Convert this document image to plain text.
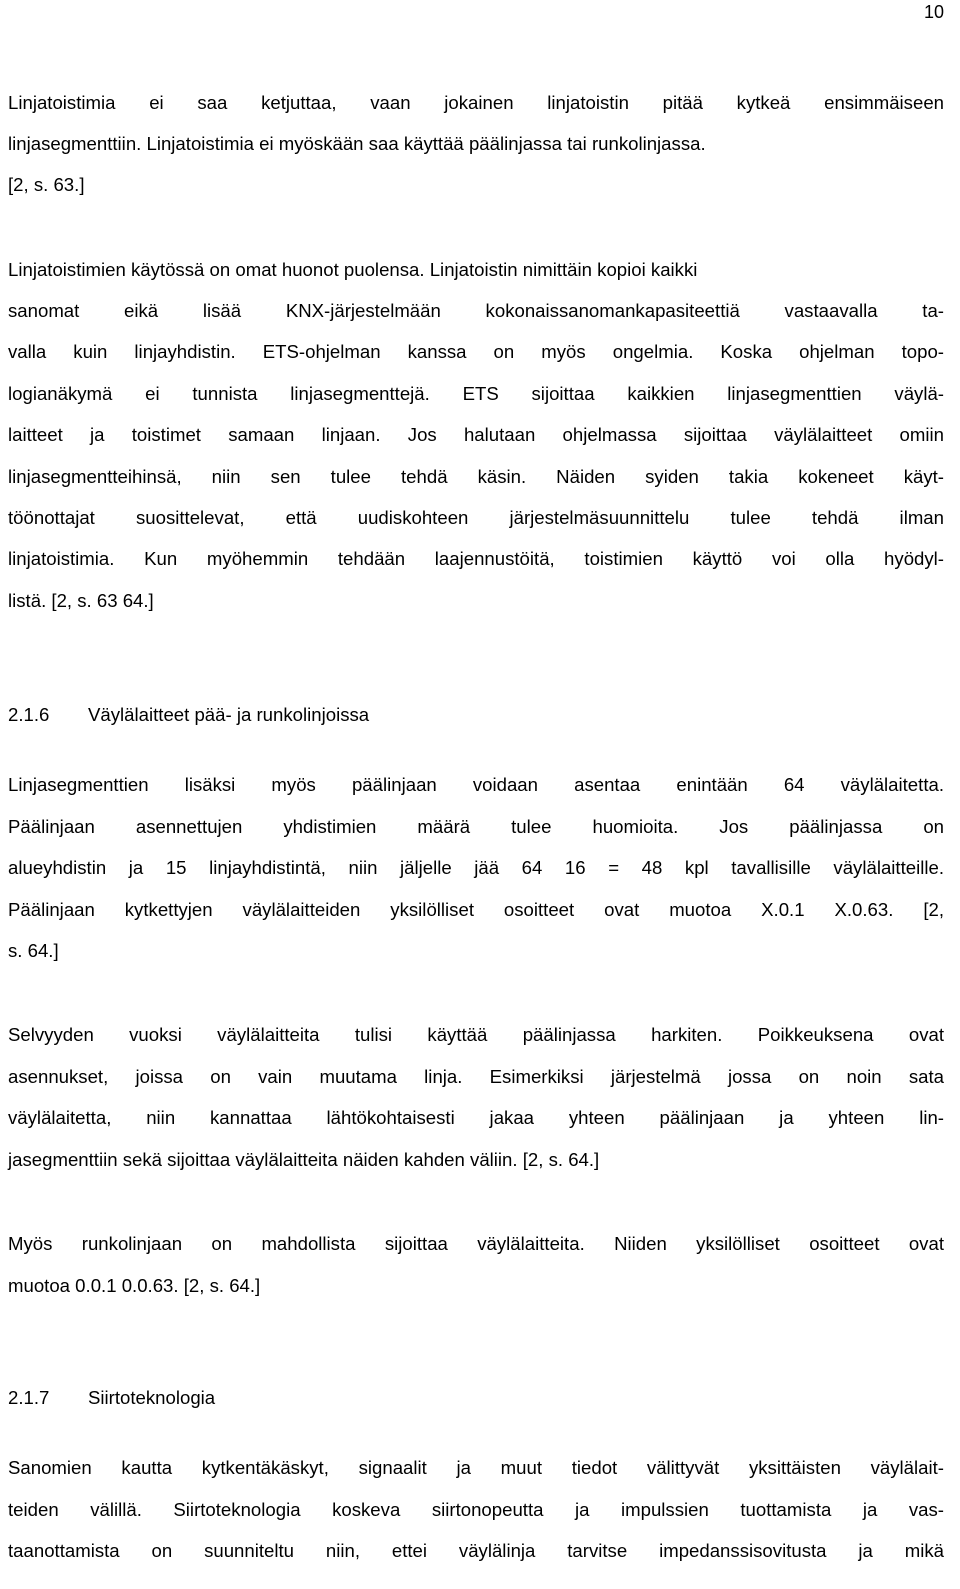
10
Linjatoistimia ei saa ketjuttaa, vaan jokainen linjatoistin pitää kytkeä ensimmäiseen
linjasegmenttiin. Linjatoistimia ei myöskään saa käyttää päälinjassa tai runkolinjassa.
[2, s. 63.]
Linjatoistimien käytössä on omat huonot puolensa. Linjatoistin nimittäin kopioi kaikki
sanomat eikä lisää KNX-järjestelmään kokonaissanomankapasiteettiä vastaavalla ta-
valla kuin linjayhdistin. ETS-ohjelman kanssa on myös ongelmia. Koska ohjelman topo-
logianäkymä ei tunnista linjasegmenttejä. ETS sijoittaa kaikkien linjasegmenttien väylä-
laitteet ja toistimet samaan linjaan. Jos halutaan ohjelmassa sijoittaa väylälaitteet omiin
linjasegmentteihinsä, niin sen tulee tehdä käsin. Näiden syiden takia kokeneet käyt-
töönottajat suosittelevat, että uudiskohteen järjestelmäsuunnittelu tulee tehdä ilman
linjatoistimia. Kun myöhemmin tehdään laajennustöitä, toistimien käyttö voi olla hyödyl-
listä. [2, s. 63 64.]
2.1.6 Väylälaitteet pää- ja runkolinjoissa
Linjasegmenttien lisäksi myös päälinjaan voidaan asentaa enintään 64 väylälaitetta.
Päälinjaan asennettujen yhdistimien määrä tulee huomioita. Jos päälinjassa on
alueyhdistin ja 15 linjayhdistintä, niin jäljelle jää 64 16 = 48 kpl tavallisille väylälaitteille.
Päälinjaan kytkettyjen väylälaitteiden yksilölliset osoitteet ovat muotoa X.0.1 X.0.63. [2,
s. 64.]
Selvyyden vuoksi väylälaitteita tulisi käyttää päälinjassa harkiten. Poikkeuksena ovat
asennukset, joissa on vain muutama linja. Esimerkiksi järjestelmä jossa on noin sata
väylälaitetta, niin kannattaa lähtökohtaisesti jakaa yhteen päälinjaan ja yhteen lin-
jasegmenttiin sekä sijoittaa väylälaitteita näiden kahden väliin. [2, s. 64.]
Myös runkolinjaan on mahdollista sijoittaa väylälaitteita. Niiden yksilölliset osoitteet ovat
muotoa 0.0.1 0.0.63. [2, s. 64.]
2.1.7 Siirtoteknologia
Sanomien kautta kytkentäkäskyt, signaalit ja muut tiedot välittyvät yksittäisten väylälait-
teiden välillä. Siirtoteknologia koskeva siirtonopeutta ja impulssien tuottamista ja vas-
taanottamista on suunniteltu niin, ettei väylälinja tarvitse impedanssisovitusta ja mikä
